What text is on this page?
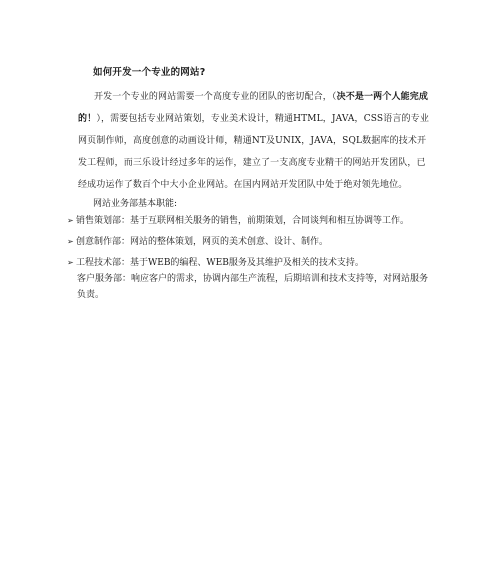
如何开发一个专业的网站?
开发一个专业的网站需要一个高度专业的团队的密切配合，（决不是一两个人能完成的！），需要包括专业网站策划，专业美术设计，精通HTML，JAVA，CSS语言的专业网页制作师，高度创意的动画设计师，精通NT及UNIX，JAVA，SQL数据库的技术开发工程师，而三乐设计经过多年的运作，建立了一支高度专业精干的网站开发团队，已经成功运作了数百个中大小企业网站。在国内网站开发团队中处于绝对领先地位。
网站业务部基本职能:
➢ 销售策划部：基于互联网相关服务的销售，前期策划，合同谈判和相互协调等工作。
➢ 创意制作部：网站的整体策划，网页的美术创意、设计、制作。
➢ 工程技术部：基于WEB的编程、WEB服务及其维护及相关的技术支持。
客户服务部：响应客户的需求，协调内部生产流程，后期培训和技术支持等，对网站服务
负责。
